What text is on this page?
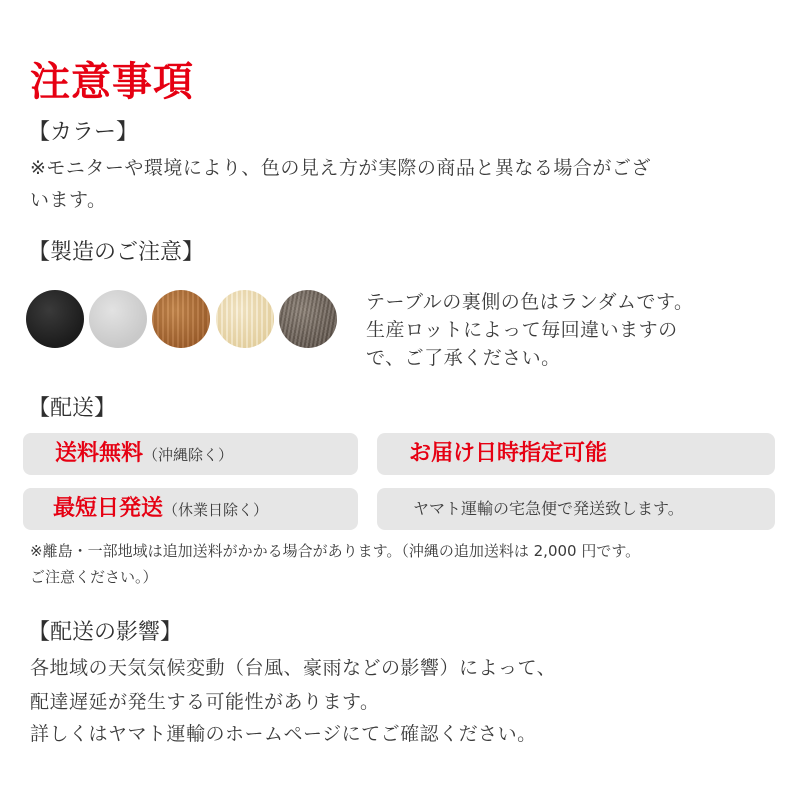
注意事項
【カラー】
※モニターや環境により、色の見え方が実際の商品と異なる場合がござ
います。
【製造のご注意】
テーブルの裏側の色はランダムです。
生産ロットによって毎回違いますの
で、ご了承ください。
【配送】
送料無料（沖縄除く）	お届け日時指定可能
最短日発送（休業日除く）	ヤマト運輸の宅急便で発送致します。
※離島・一部地域は追加送料がかかる場合があります。（沖縄の追加送料は 2,000 円です。
ご注意ください。）
【配送の影響】
各地域の天気気候変動（台風、豪雨などの影響）によって、
配達遅延が発生する可能性があります。
詳しくはヤマト運輸のホームページにてご確認ください。
